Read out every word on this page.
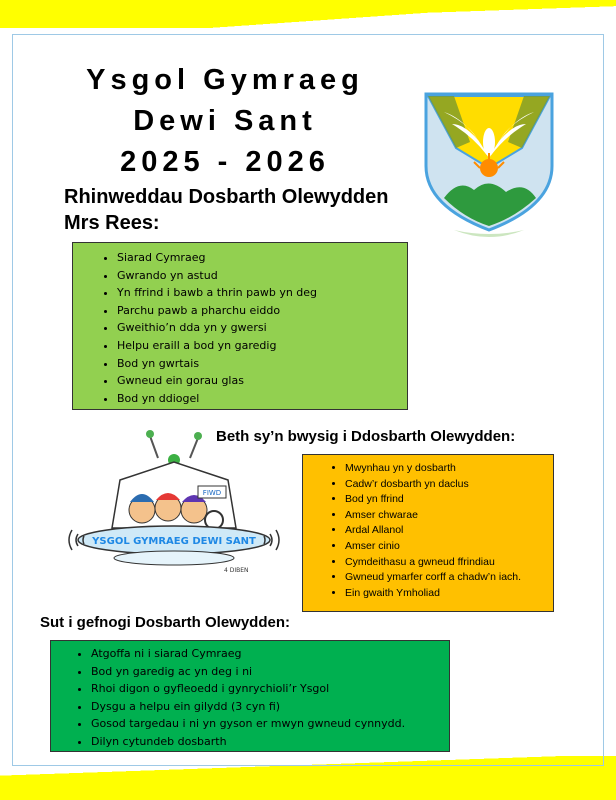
Ysgol Gymraeg
Dewi Sant
2025 - 2026
Rhinweddau Dosbarth Olewydden
Mrs Rees:
• Siarad Cymraeg
• Gwrando yn astud
• Yn ffrind i bawb a thrin pawb yn deg
• Parchu pawb a pharchu eiddo
• Gweithio’n dda yn y gwersi
• Helpu eraill a bod yn garedig
• Bod yn gwrtais
• Gwneud ein gorau glas
• Bod yn ddiogel
Beth sy’n bwysig i Ddosbarth Olewydden:
FIWD
YSGOL GYMRAEG DEWI SANT
4 DIBEN
• Mwynhau yn y dosbarth
• Cadw’r dosbarth yn daclus
• Bod yn ffrind
• Amser chwarae
• Ardal Allanol
• Amser cinio
• Cymdeithasu a gwneud ffrindiau
• Gwneud ymarfer corff a chadw’n iach.
• Ein gwaith Ymholiad
Sut i gefnogi Dosbarth Olewydden:
• Atgoffa ni i siarad Cymraeg
• Bod yn garedig ac yn deg i ni
• Rhoi digon o gyfleoedd i gynrychioli’r Ysgol
• Dysgu a helpu ein gilydd (3 cyn fi)
• Gosod targedau i ni yn gyson er mwyn gwneud cynnydd.
• Dilyn cytundeb dosbarth
